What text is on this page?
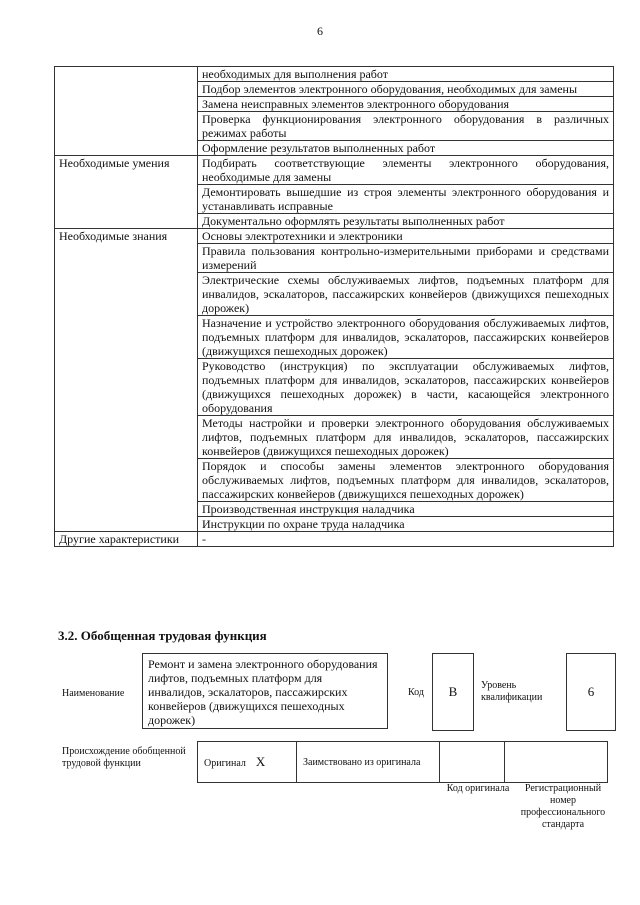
6
	необходимых для выполнения работ
	Подбор элементов электронного оборудования, необходимых для замены
	Замена неисправных элементов электронного оборудования
	Проверка функционирования электронного оборудования в различных режимах работы
	Оформление результатов выполненных работ
Необходимые умения	Подбирать соответствующие элементы электронного оборудования, необходимые для замены
	Демонтировать вышедшие из строя элементы электронного оборудования и устанавливать исправные
	Документально оформлять результаты выполненных работ
Необходимые знания	Основы электротехники и электроники
	Правила пользования контрольно-измерительными приборами и средствами измерений
	Электрические схемы обслуживаемых лифтов, подъемных платформ для инвалидов, эскалаторов, пассажирских конвейеров (движущихся пешеходных дорожек)
	Назначение и устройство электронного оборудования обслуживаемых лифтов, подъемных платформ для инвалидов, эскалаторов, пассажирских конвейеров (движущихся пешеходных дорожек)
	Руководство (инструкция) по эксплуатации обслуживаемых лифтов, подъемных платформ для инвалидов, эскалаторов, пассажирских конвейеров (движущихся пешеходных дорожек) в части, касающейся электронного оборудования
	Методы настройки и проверки электронного оборудования обслуживаемых лифтов, подъемных платформ для инвалидов, эскалаторов, пассажирских конвейеров (движущихся пешеходных дорожек)
	Порядок и способы замены элементов электронного оборудования обслуживаемых лифтов, подъемных платформ для инвалидов, эскалаторов, пассажирских конвейеров (движущихся пешеходных дорожек)
	Производственная инструкция наладчика
	Инструкции по охране труда наладчика
Другие характеристики	-
3.2. Обобщенная трудовая функция
Наименование
Ремонт и замена электронного оборудования лифтов, подъемных платформ для инвалидов, эскалаторов, пассажирских конвейеров (движущихся пешеходных дорожек)
Код	B	Уровень квалификации	6
Происхождение обобщенной трудовой функции	Оригинал X	Заимствовано из оригинала		
Код оригинала	Регистрационный номер профессионального стандарта
